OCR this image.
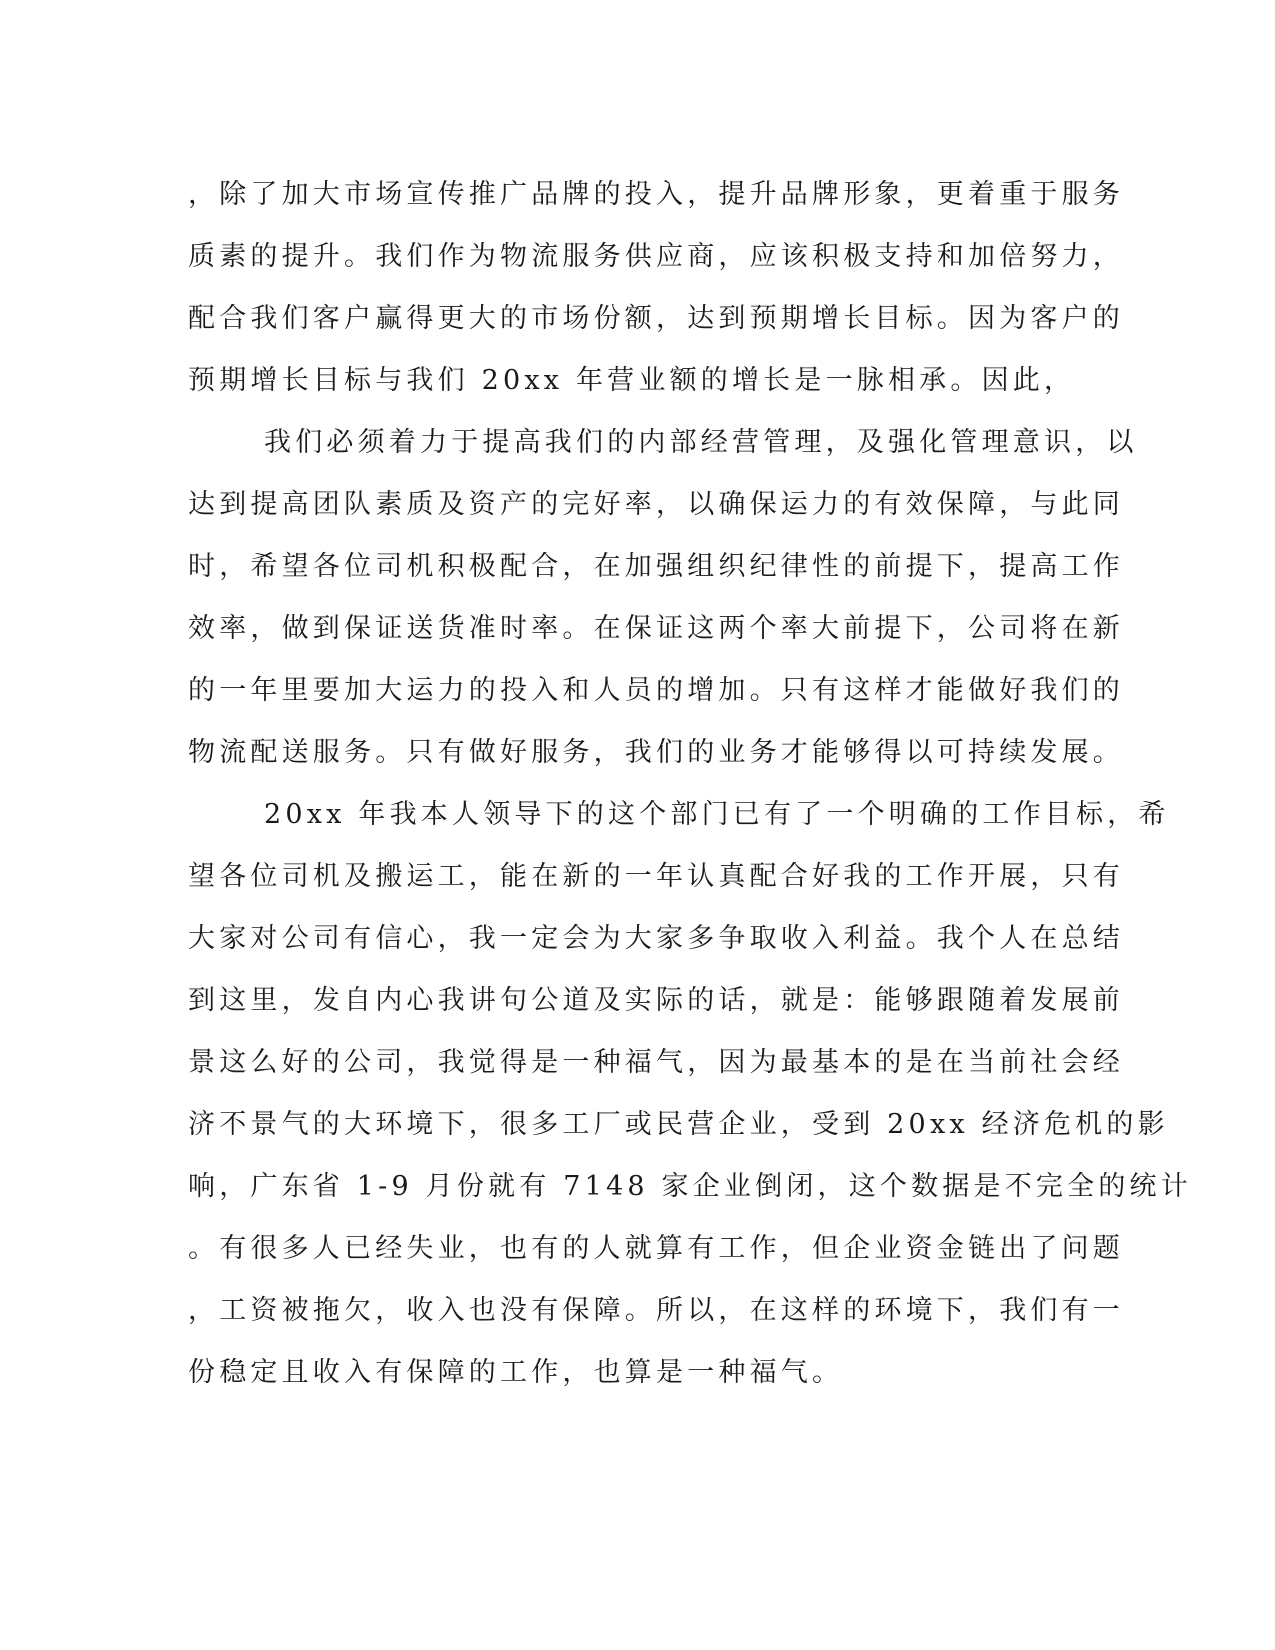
，除了加大市场宣传推广品牌的投入，提升品牌形象，更着重于服务
质素的提升。我们作为物流服务供应商，应该积极支持和加倍努力，
配合我们客户赢得更大的市场份额，达到预期增长目标。因为客户的
预期增长目标与我们 20xx 年营业额的增长是一脉相承。因此，
我们必须着力于提高我们的内部经营管理，及强化管理意识，以
达到提高团队素质及资产的完好率，以确保运力的有效保障，与此同
时，希望各位司机积极配合，在加强组织纪律性的前提下，提高工作
效率，做到保证送货准时率。在保证这两个率大前提下，公司将在新
的一年里要加大运力的投入和人员的增加。只有这样才能做好我们的
物流配送服务。只有做好服务，我们的业务才能够得以可持续发展。
20xx 年我本人领导下的这个部门已有了一个明确的工作目标，希
望各位司机及搬运工，能在新的一年认真配合好我的工作开展，只有
大家对公司有信心，我一定会为大家多争取收入利益。我个人在总结
到这里，发自内心我讲句公道及实际的话，就是：能够跟随着发展前
景这么好的公司，我觉得是一种福气，因为最基本的是在当前社会经
济不景气的大环境下，很多工厂或民营企业，受到 20xx 经济危机的影
响，广东省 1-9 月份就有 7148 家企业倒闭，这个数据是不完全的统计
。有很多人已经失业，也有的人就算有工作，但企业资金链出了问题
，工资被拖欠，收入也没有保障。所以，在这样的环境下，我们有一
份稳定且收入有保障的工作，也算是一种福气。
